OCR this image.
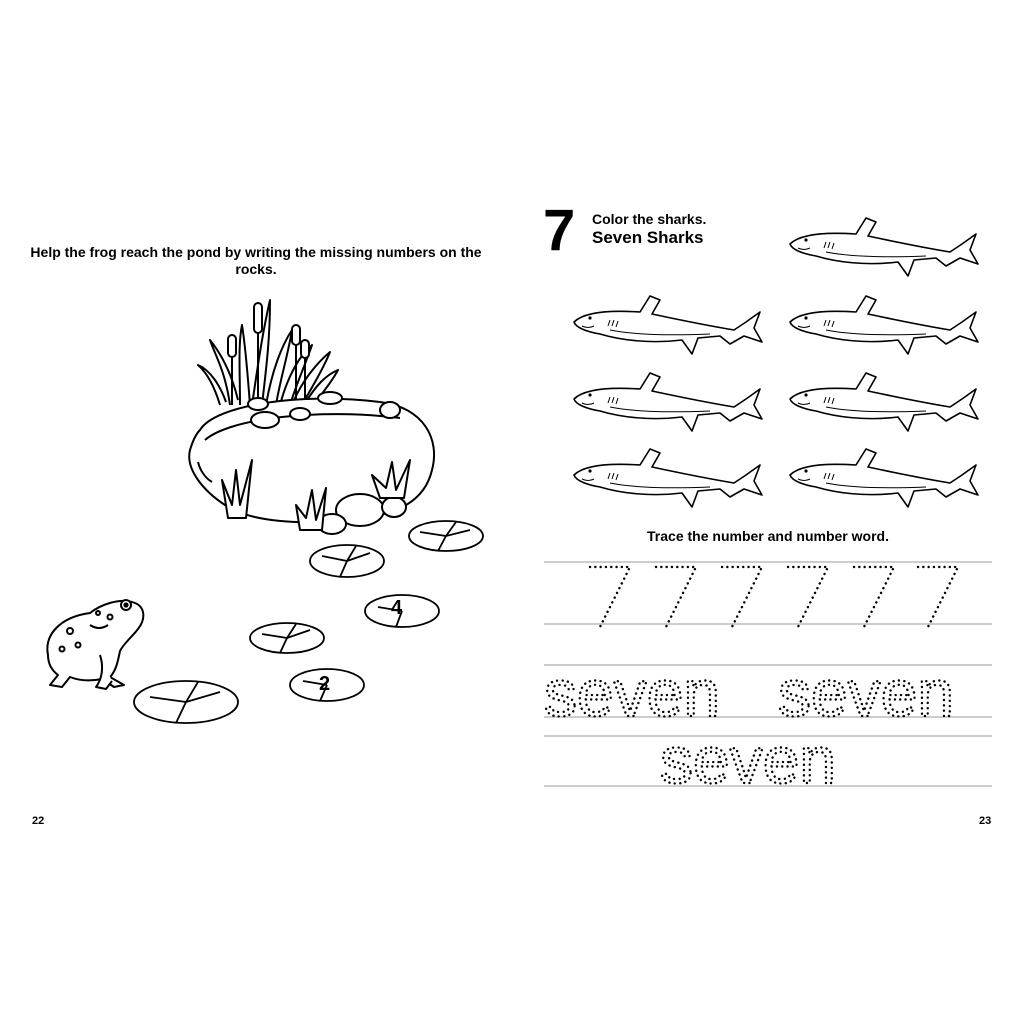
Help the frog reach the pond by writing the missing numbers on the rocks.
4
2
22
7 Color the sharks.
Seven Sharks
Trace the number and number word.
seven seven
seven
23
